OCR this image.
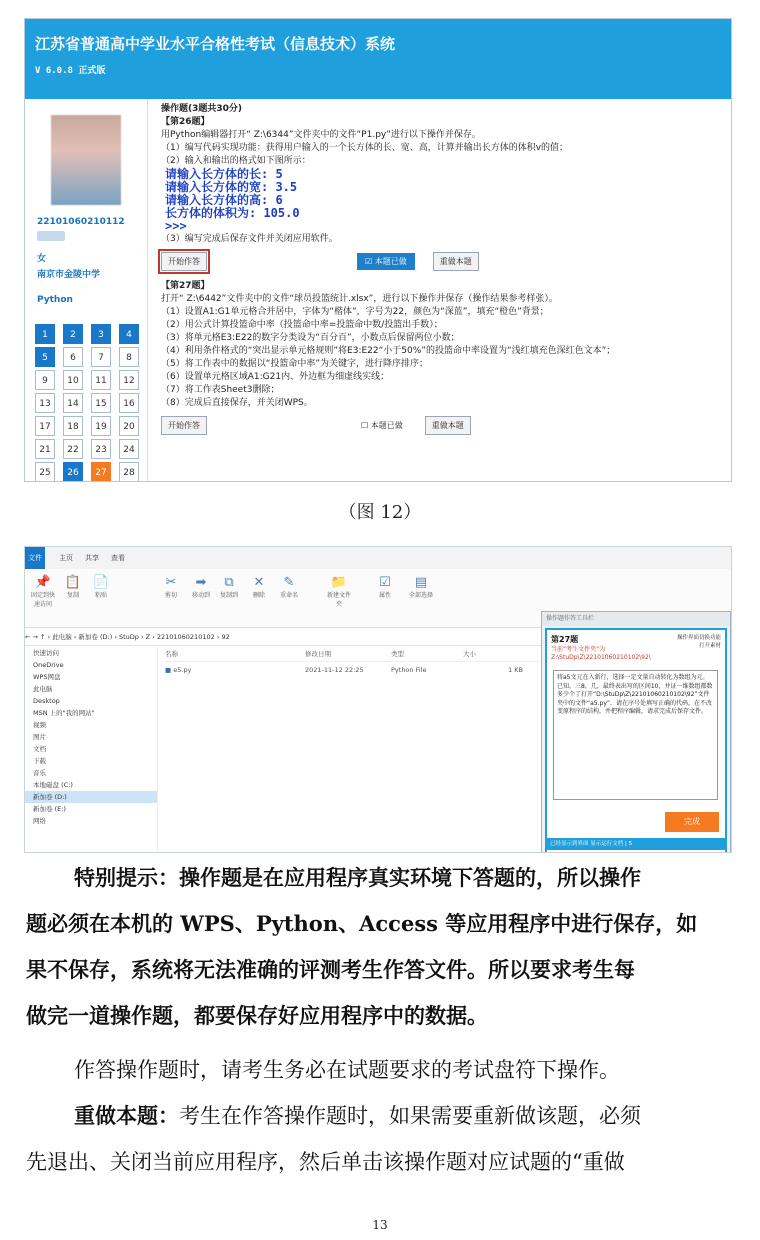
江苏省普通高中学业水平合格性考试（信息技术）系统
V 6.0.8 正式版
22101060210112
女
南京市金陵中学
Python
1	2	3	4
5	6	7	8
9	10	11	12
13	14	15	16
17	18	19	20
21	22	23	24
25	26	27	28
操作题(3题共30分)
【第26题】
用Python编辑器打开“ Z:\6344”文件夹中的文件“P1.py”进行以下操作并保存。
（1）编写代码实现功能：获得用户输入的一个长方体的长、宽、高，计算并输出长方体的体积v的值；
（2）输入和输出的格式如下图所示：
请输入长方体的长: 5
请输入长方体的宽: 3.5
请输入长方体的高: 6
长方体的体积为: 105.0
>>>
（3）编写完成后保存文件并关闭应用软件。
开始作答	☑ 本题已做	重做本题
【第27题】
打开“ Z:\6442”文件夹中的文件“球员投篮统计.xlsx”，进行以下操作并保存（操作结果参考样张）。
（1）设置A1:G1单元格合并居中，字体为“楷体”，字号为22，颜色为“深蓝”，填充“橙色”背景；
（2）用公式计算投篮命中率（投篮命中率=投篮命中数/投篮出手数）；
（3）将单元格E3:E22的数字分类设为“百分百”，小数点后保留两位小数；
（4）利用条件格式的“突出显示单元格规则”将E3:E22“小于50%”的投篮命中率设置为“浅红填充色深红色文本”；
（5）将工作表中的数据以“投篮命中率”为关键字，进行降序排序；
（6）设置单元格区域A1:G21内、外边框为细虚线实线；
（7）将工作表Sheet3删除；
（8）完成后直接保存，并关闭WPS。
开始作答	☐ 本题已做	重做本题
（图 12）
文件 主页 共享 查看
📌
固定到快速访问
📋
复制
📄
粘贴
✂
剪切
➡
移动到
⧉
复制到
✕
删除
✎
重命名
📁
新建文件夹
☑
属性
▤
全部选择
← → ↑ › 此电脑 › 新加卷 (D:) › StuDp › Z › 22101060210102 › 92
快速访问
OneDrive
WPS网盘
此电脑
Desktop
MSN 上的"我的网站"
视频
图片
文档
下载
音乐
本地磁盘 (C:)
新加卷 (D:)
新加卷 (E:)
网络
名称	修改日期	类型	大小
■ e5.py	2021-11-12 22:25	Python File	1 KB
操作题作答工具栏
第27题	操作界面切换功能
打开素材
当前“考生文件夹”为
Z:\StuDp\Z\22101060210102\92\
将a5文元在入新行，选择一定文量自动转化为数组为元。已知，三8，几，最终表出写的区间10，并证一维数组都数多少个了打开“D:\StuDp\Z\22101060210102\92”文件夹中的文件“a5.py”，请在序号处填写正确的代码，在不改变原程序的结构，并把程序编辑，请求完成后保存文件。
完成
已经显示到界面 显示运行文档 | 5
特别提示：操作题是在应用程序真实环境下答题的，所以操作
题必须在本机的 WPS、Python、Access 等应用程序中进行保存，如
果不保存，系统将无法准确的评测考生作答文件。所以要求考生每
做完一道操作题，都要保存好应用程序中的数据。
作答操作题时，请考生务必在试题要求的考试盘符下操作。
重做本题：考生在作答操作题时，如果需要重新做该题，必须
先退出、关闭当前应用程序，然后单击该操作题对应试题的“重做
13
